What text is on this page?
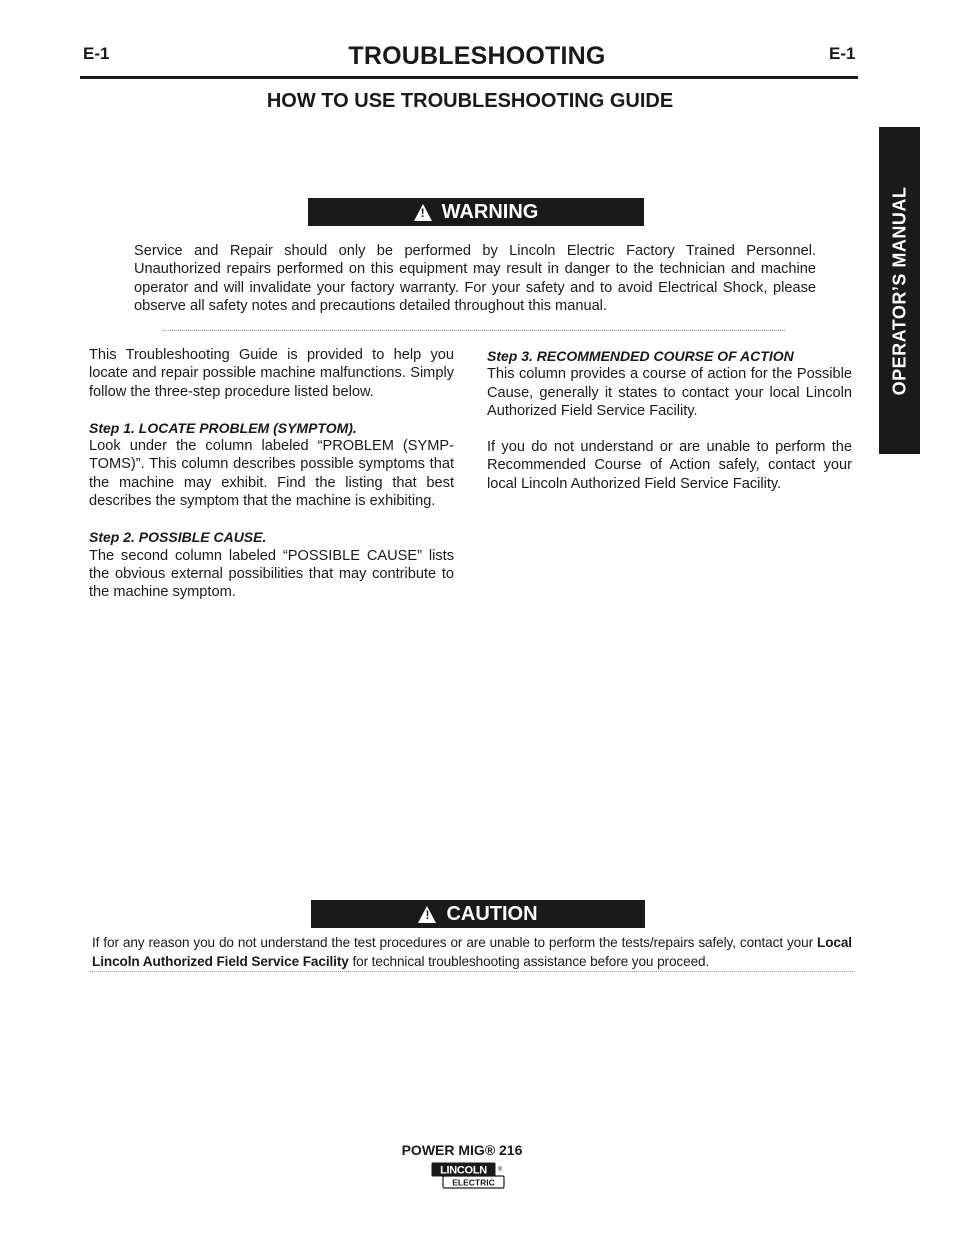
E-1	E-1
TROUBLESHOOTING
HOW TO USE TROUBLESHOOTING GUIDE
OPERATOR’S MANUAL
! WARNING
Service and Repair should only be performed by Lincoln Electric Factory Trained Personnel. Unauthorized repairs performed on this equipment may result in danger to the technician and machine operator and will invalidate your factory warranty. For your safety and to avoid Electrical Shock, please observe all safety notes and precautions detailed throughout this manual.

This Troubleshooting Guide is provided to help you locate and repair possible machine malfunctions. Simply follow the three-step procedure listed below.

Step 1. LOCATE PROBLEM (SYMPTOM).
Look under the column labeled “PROBLEM (SYMP-TOMS)”. This column describes possible symptoms that the machine may exhibit. Find the listing that best describes the symptom that the machine is exhibiting.

Step 2. POSSIBLE CAUSE.
The second column labeled “POSSIBLE CAUSE” lists the obvious external possibilities that may contribute to the machine symptom.

Step 3. RECOMMENDED COURSE OF ACTION
This column provides a course of action for the Possible Cause, generally it states to contact your local Lincoln Authorized Field Service Facility.

If you do not understand or are unable to perform the Recommended Course of Action safely, contact your local Lincoln Authorized Field Service Facility.

! CAUTION
If for any reason you do not understand the test procedures or are unable to perform the tests/repairs safely, contact your Local Lincoln Authorized Field Service Facility for technical troubleshooting assistance before you proceed.
POWER MIG® 216
LINCOLN ®
ELECTRIC
